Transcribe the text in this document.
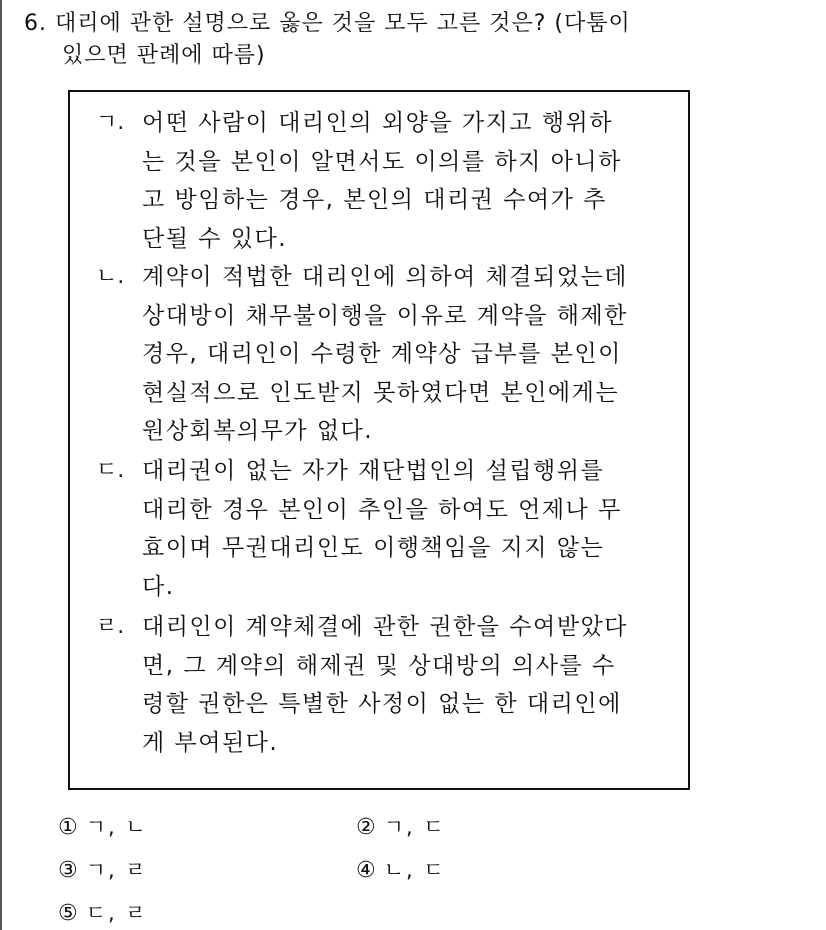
6. 대리에 관한 설명으로 옳은 것을 모두 고른 것은? (다툼이
있으면 판례에 따름)
ㄱ. 어떤 사람이 대리인의 외양을 가지고 행위하
는 것을 본인이 알면서도 이의를 하지 아니하
고 방임하는 경우, 본인의 대리권 수여가 추
단될 수 있다.
ㄴ. 계약이 적법한 대리인에 의하여 체결되었는데
상대방이 채무불이행을 이유로 계약을 해제한
경우, 대리인이 수령한 계약상 급부를 본인이
현실적으로 인도받지 못하였다면 본인에게는
원상회복의무가 없다.
ㄷ. 대리권이 없는 자가 재단법인의 설립행위를
대리한 경우 본인이 추인을 하여도 언제나 무
효이며 무권대리인도 이행책임을 지지 않는
다.
ㄹ. 대리인이 계약체결에 관한 권한을 수여받았다
면, 그 계약의 해제권 및 상대방의 의사를 수
령할 권한은 특별한 사정이 없는 한 대리인에
게 부여된다.
① ㄱ, ㄴ	② ㄱ, ㄷ
③ ㄱ, ㄹ	④ ㄴ, ㄷ
⑤ ㄷ, ㄹ
